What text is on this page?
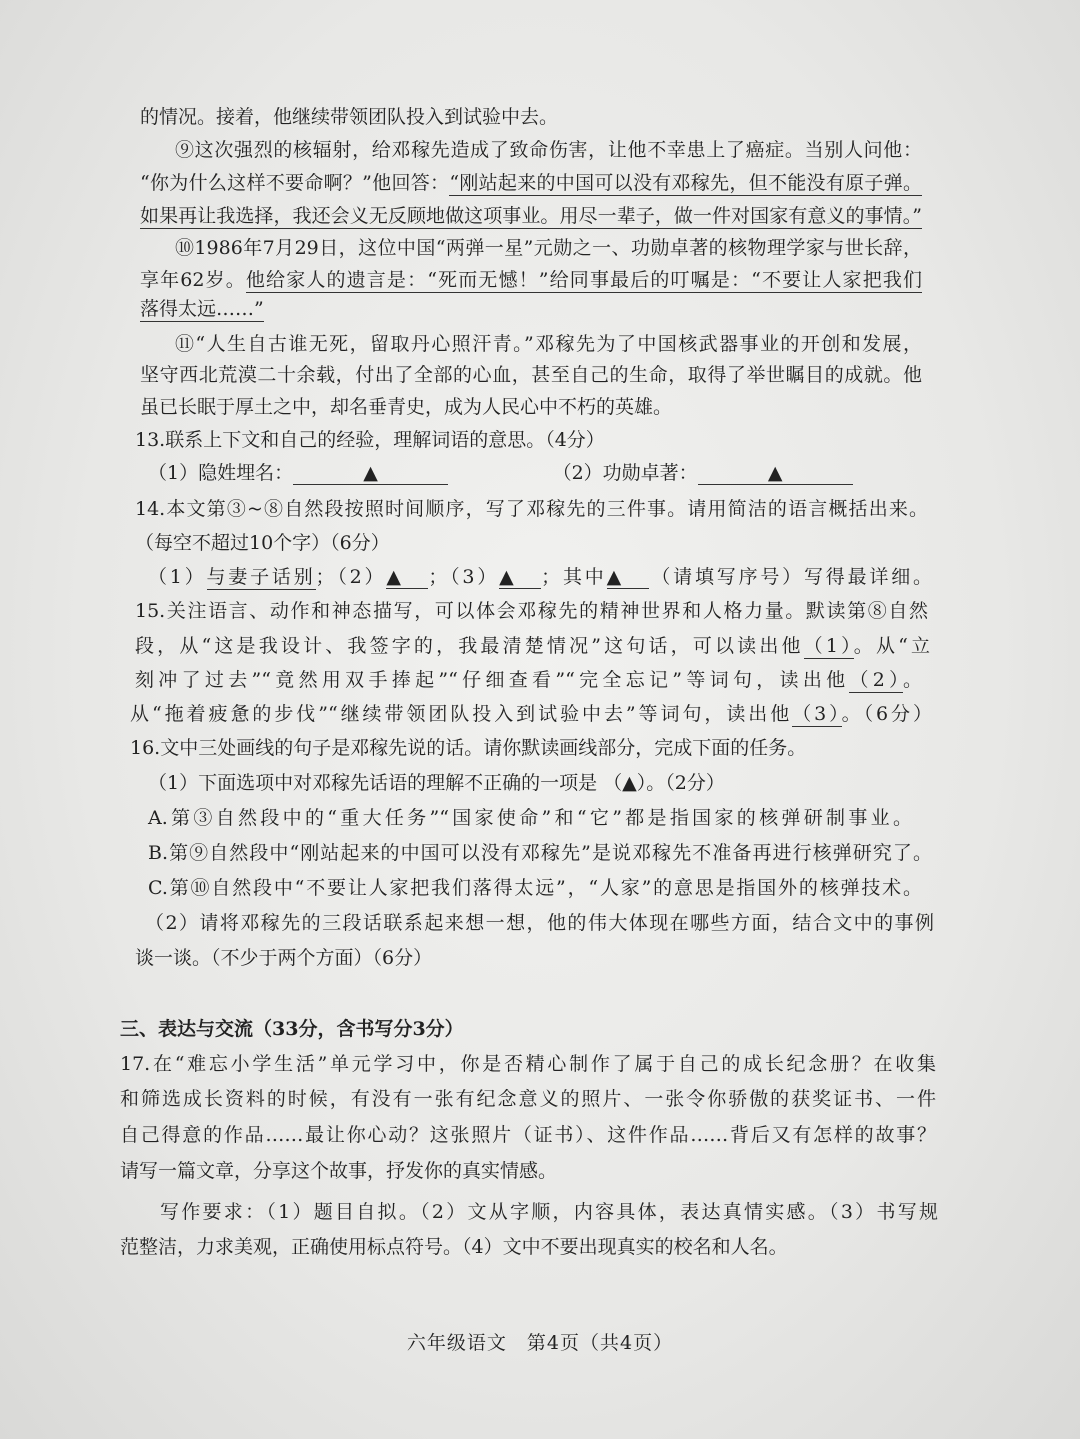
的情况。接着，他继续带领团队投入到试验中去。
⑨这次强烈的核辐射，给邓稼先造成了致命伤害，让他不幸患上了癌症。当别人问他：
“你为什么这样不要命啊？”他回答：“刚站起来的中国可以没有邓稼先，但不能没有原子弹。
如果再让我选择，我还会义无反顾地做这项事业。用尽一辈子，做一件对国家有意义的事情。”
⑩1986年7月29日，这位中国“两弹一星”元勋之一、功勋卓著的核物理学家与世长辞，
享年62岁。他给家人的遗言是：“死而无憾！”给同事最后的叮嘱是：“不要让人家把我们
落得太远……”
⑪“人生自古谁无死，留取丹心照汗青。”邓稼先为了中国核武器事业的开创和发展，
坚守西北荒漠二十余载，付出了全部的心血，甚至自己的生命，取得了举世瞩目的成就。他
虽已长眠于厚土之中，却名垂青史，成为人民心中不朽的英雄。
13.联系上下文和自己的经验，理解词语的意思。（4分）
（1）隐姓埋名：	▲	　　　　　　（2）功勋卓著：	▲
14.本文第③~⑧自然段按照时间顺序，写了邓稼先的三件事。请用简洁的语言概括出来。
（每空不超过10个字）（6分）
（1）与妻子话别；（2）▲ ；（3）▲ ；其中▲ （请填写序号）写得最详细。
15.关注语言、动作和神态描写，可以体会邓稼先的精神世界和人格力量。默读第⑧自然
段，从“这是我设计、我签字的，我最清楚情况”这句话，可以读出他（1）。从“立
刻冲了过去”“竟然用双手捧起”“仔细查看”“完全忘记”等词句，读出他（2）。
从“拖着疲惫的步伐”“继续带领团队投入到试验中去”等词句，读出他（3）。（6分）
16.文中三处画线的句子是邓稼先说的话。请你默读画线部分，完成下面的任务。
（1）下面选项中对邓稼先话语的理解不正确的一项是 （▲）。（2分）
A.第③自然段中的“重大任务”“国家使命”和“它”都是指国家的核弹研制事业。
B.第⑨自然段中“刚站起来的中国可以没有邓稼先”是说邓稼先不准备再进行核弹研究了。
C.第⑩自然段中“不要让人家把我们落得太远”，“人家”的意思是指国外的核弹技术。
（2）请将邓稼先的三段话联系起来想一想，他的伟大体现在哪些方面，结合文中的事例
谈一谈。（不少于两个方面）（6分）
三、表达与交流（33分，含书写分3分）
17.在“难忘小学生活”单元学习中，你是否精心制作了属于自己的成长纪念册？在收集
和筛选成长资料的时候，有没有一张有纪念意义的照片、一张令你骄傲的获奖证书、一件
自己得意的作品……最让你心动？这张照片（证书）、这件作品……背后又有怎样的故事？
请写一篇文章，分享这个故事，抒发你的真实情感。
写作要求：（1）题目自拟。（2）文从字顺，内容具体，表达真情实感。（3）书写规
范整洁，力求美观，正确使用标点符号。（4）文中不要出现真实的校名和人名。
六年级语文　第4页（共4页）
